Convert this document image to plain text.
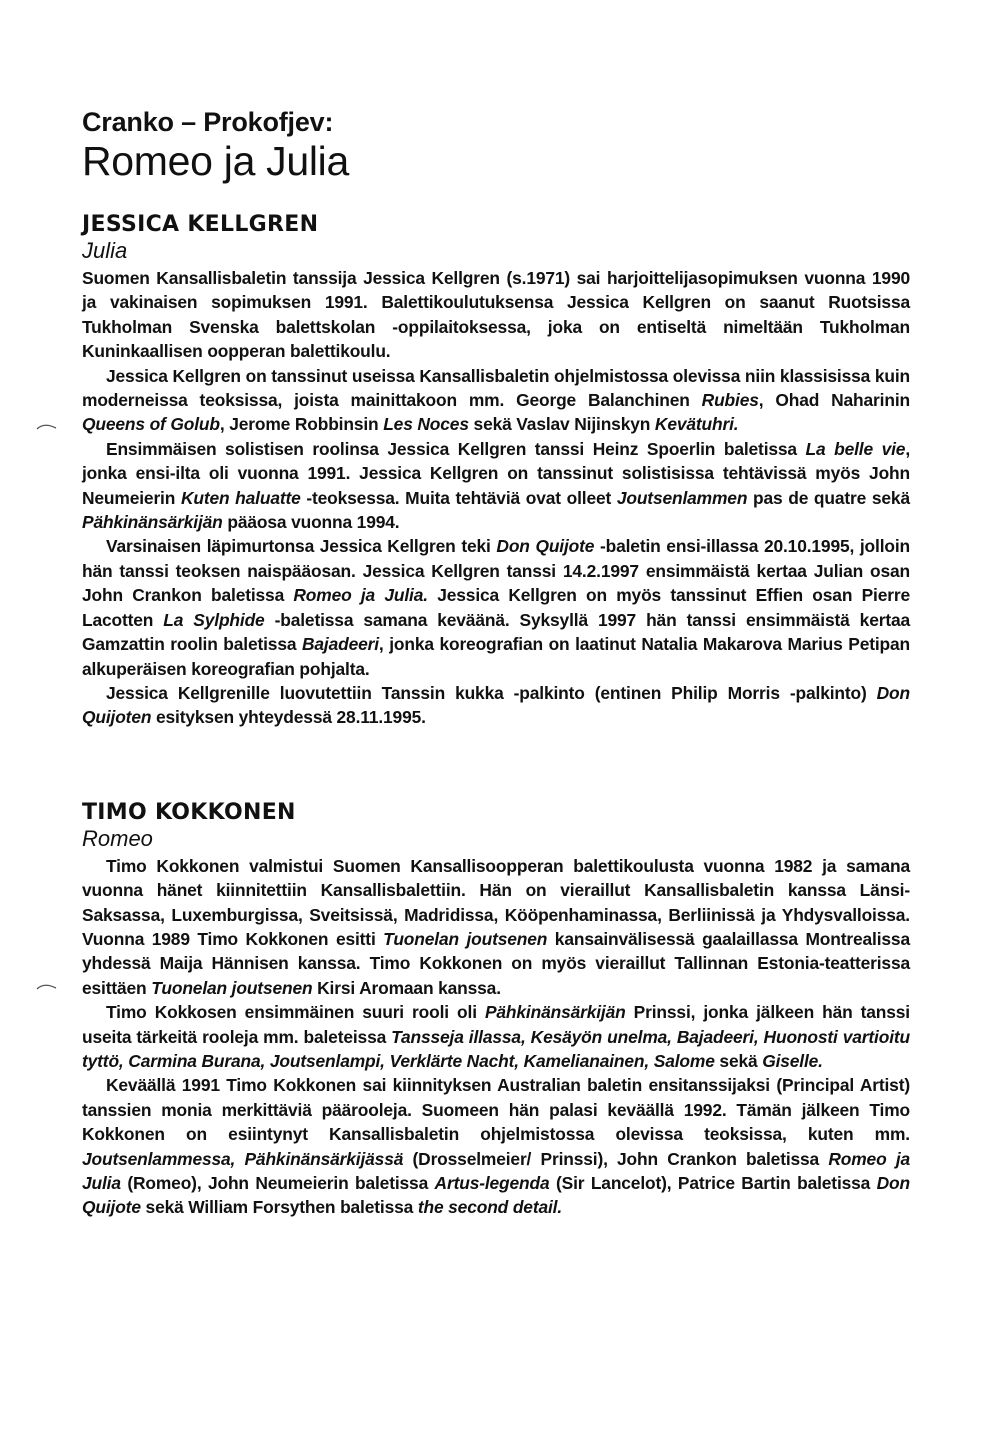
Cranko – Prokofjev:
Romeo ja Julia
JESSICA KELLGREN
Julia

Suomen Kansallisbaletin tanssija Jessica Kellgren (s.1971) sai harjoittelijasopimuksen vuonna 1990 ja vakinaisen sopimuksen 1991. Balettikoulutuksensa Jessica Kellgren on saanut Ruotsissa Tukholman Svenska balettskolan -oppilaitoksessa, joka on entiseltä nimeltään Tukholman Kuninkaallisen oopperan balettikoulu.

Jessica Kellgren on tanssinut useissa Kansallisbaletin ohjelmistossa olevissa niin klassisissa kuin moderneissa teoksissa, joista mainittakoon mm. George Balanchinen Rubies, Ohad Naharinin Queens of Golub, Jerome Robbinsin Les Noces sekä Vaslav Nijinskyn Kevätuhri.

Ensimmäisen solistisen roolinsa Jessica Kellgren tanssi Heinz Spoerlin baletissa La belle vie, jonka ensi-ilta oli vuonna 1991. Jessica Kellgren on tanssinut solistisissa tehtävissä myös John Neumeierin Kuten haluatte -teoksessa. Muita tehtäviä ovat olleet Joutsenlammen pas de quatre sekä Pähkinänsärkijän pääosa vuonna 1994.

Varsinaisen läpimurtonsa Jessica Kellgren teki Don Quijote -baletin ensi-illassa 20.10.1995, jolloin hän tanssi teoksen naispääosan. Jessica Kellgren tanssi 14.2.1997 ensimmäistä kertaa Julian osan John Crankon baletissa Romeo ja Julia. Jessica Kellgren on myös tanssinut Effien osan Pierre Lacotten La Sylphide -baletissa samana keväänä. Syksyllä 1997 hän tanssi ensimmäistä kertaa Gamzattin roolin baletissa Bajadeeri, jonka koreografian on laatinut Natalia Makarova Marius Petipan alkuperäisen koreografian pohjalta.

Jessica Kellgrenille luovutettiin Tanssin kukka -palkinto (entinen Philip Morris -palkinto) Don Quijoten esityksen yhteydessä 28.11.1995.

TIMO KOKKONEN
Romeo

Timo Kokkonen valmistui Suomen Kansallisoopperan balettikoulusta vuonna 1982 ja samana vuonna hänet kiinnitettiin Kansallisbalettiin. Hän on vieraillut Kansallisbaletin kanssa Länsi-Saksassa, Luxemburgissa, Sveitsissä, Madridissa, Kööpenhaminassa, Berliinissä ja Yhdysvalloissa. Vuonna 1989 Timo Kokkonen esitti Tuonelan joutsenen kansainvälisessä gaalaillassa Montrealissa yhdessä Maija Hännisen kanssa. Timo Kokkonen on myös vieraillut Tallinnan Estonia-teatterissa esittäen Tuonelan joutsenen Kirsi Aromaan kanssa.

Timo Kokkosen ensimmäinen suuri rooli oli Pähkinänsärkijän Prinssi, jonka jälkeen hän tanssi useita tärkeitä rooleja mm. baleteissa Tansseja illassa, Kesäyön unelma, Bajadeeri, Huonosti vartioitu tyttö, Carmina Burana, Joutsenlampi, Verklärte Nacht, Kamelianainen, Salome sekä Giselle.

Keväällä 1991 Timo Kokkonen sai kiinnityksen Australian baletin ensitanssijaksi (Principal Artist) tanssien monia merkittäviä päärooleja. Suomeen hän palasi keväällä 1992. Tämän jälkeen Timo Kokkonen on esiintynyt Kansallisbaletin ohjelmistossa olevissa teoksissa, kuten mm. Joutsenlammessa, Pähkinänsärkijässä (Drosselmeier/ Prinssi), John Crankon baletissa Romeo ja Julia (Romeo), John Neumeierin baletissa Artus-legenda (Sir Lancelot), Patrice Bartin baletissa Don Quijote sekä William Forsythen baletissa the second detail.
